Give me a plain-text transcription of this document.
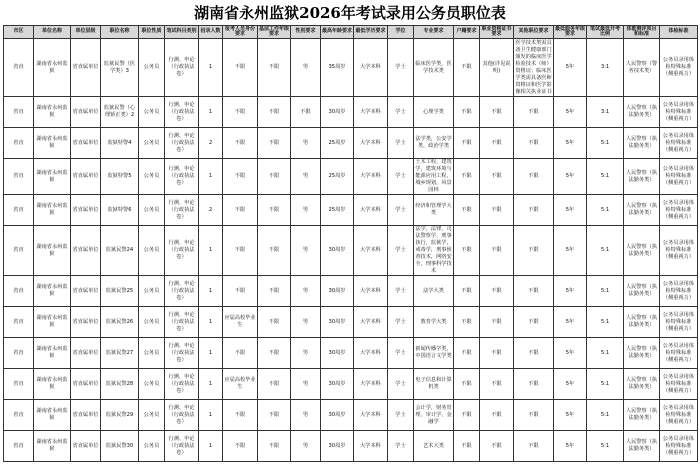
湖南省永州监狱2026年考试录用公务员职位表
市区	单位名称	单位层级	职位名称	职位性质	笔试科目类别	招录人数	报考人员身份要求	基层工作年限要求	性别要求	最高年龄要求	最低学历要求	学位	专业要求	户籍要求	职业资格证书要求	其他职位要求	最低服务年限要求	笔试最低开考比例	体能测评项目和标准	体检标准
省直	湖南省永州监狱	省直属单位	监狱民警（医学类）3	公务员	行测、申论（行政执法卷）	1	不限	不限	男	35周岁	大学本科	学士	临床医学类，医学技术类	不限	其他(详见说明)	医学技术类需具备卫生健康部门颁发的临床医学检验技术（师）资格证；临床医学类需具备医师资格证和医学影像相关执业证书	5年	3:1	人民警察（警务技术类）	公务员录用体检特殊标准（侧重视力）
省直	湖南省永州监狱	省直属单位	监狱民警（心理矫正类）2	公务员	行测、申论（行政执法卷）	1	不限	不限	不限	30周岁	大学本科	学士	心理学类	不限	不限	不限	5年	3:1	人民警察（执法勤务类）	公务员录用体检特殊标准（侧重视力）
省直	湖南省永州监狱	省直属单位	监狱特警4	公务员	行测、申论（行政执法卷）	2	不限	不限	男	25周岁	大学本科	学士	法学类，公安学类，政治学类	不限	不限	不限	5年	5:1	人民警察（执法勤务类）	公务员录用体检特殊标准（侧重视力）
省直	湖南省永州监狱	省直属单位	监狱特警5	公务员	行测、申论（行政执法卷）	1	不限	不限	男	25周岁	大学本科	学士	土木工程，建筑学，建筑环境与能源应用工程，城乡规划，风景园林	不限	不限	不限	5年	5:1	人民警察（执法勤务类）	公务员录用体检特殊标准（侧重视力）
省直	湖南省永州监狱	省直属单位	监狱特警6	公务员	行测、申论（行政执法卷）	2	不限	不限	男	25周岁	大学本科	学士	经济和管理学大类	不限	不限	不限	5年	5:1	人民警察（执法勤务类）	公务员录用体检特殊标准（侧重视力）
省直	湖南省永州监狱	省直属单位	监狱民警24	公务员	行测、申论（行政执法卷）	1	不限	不限	男	30周岁	大学本科	学士	法学，法律，司法警察学，刑事执行，监狱学，戒毒学，刑事侦查技术，网络安全，刑事科学技术	不限	不限	不限	5年	5:1	人民警察（执法勤务类）	公务员录用体检特殊标准（侧重视力）
省直	湖南省永州监狱	省直属单位	监狱民警25	公务员	行测、申论（行政执法卷）	1	不限	不限	男	30周岁	大学本科	学士	法学大类	不限	不限	不限	5年	5:1	人民警察（执法勤务类）	公务员录用体检特殊标准（侧重视力）
省直	湖南省永州监狱	省直属单位	监狱民警26	公务员	行测、申论（行政执法卷）	1	应届高校毕业生	不限	男	30周岁	大学本科	学士	教育学大类	不限	不限	不限	5年	5:1	人民警察（执法勤务类）	公务员录用体检特殊标准（侧重视力）
省直	湖南省永州监狱	省直属单位	监狱民警27	公务员	行测、申论（行政执法卷）	1	不限	不限	男	30周岁	大学本科	学士	新闻传播学类，中国语言文学类	不限	不限	不限	5年	5:1	人民警察（执法勤务类）	公务员录用体检特殊标准（侧重视力）
省直	湖南省永州监狱	省直属单位	监狱民警28	公务员	行测、申论（行政执法卷）	1	应届高校毕业生	不限	男	30周岁	大学本科	学士	电子信息和计算机类	不限	不限	不限	5年	5:1	人民警察（执法勤务类）	公务员录用体检特殊标准（侧重视力）
省直	湖南省永州监狱	省直属单位	监狱民警29	公务员	行测、申论（行政执法卷）	1	不限	不限	男	30周岁	大学本科	学士	会计学，财务管理，审计学，金融学	不限	不限	不限	5年	5:1	人民警察（执法勤务类）	公务员录用体检特殊标准（侧重视力）
省直	湖南省永州监狱	省直属单位	监狱民警30	公务员	行测、申论（行政执法卷）	1	不限	不限	男	30周岁	大学本科	学士	艺术大类	不限	不限	不限	5年	5:1	人民警察（执法勤务类）	公务员录用体检特殊标准（侧重视力）
